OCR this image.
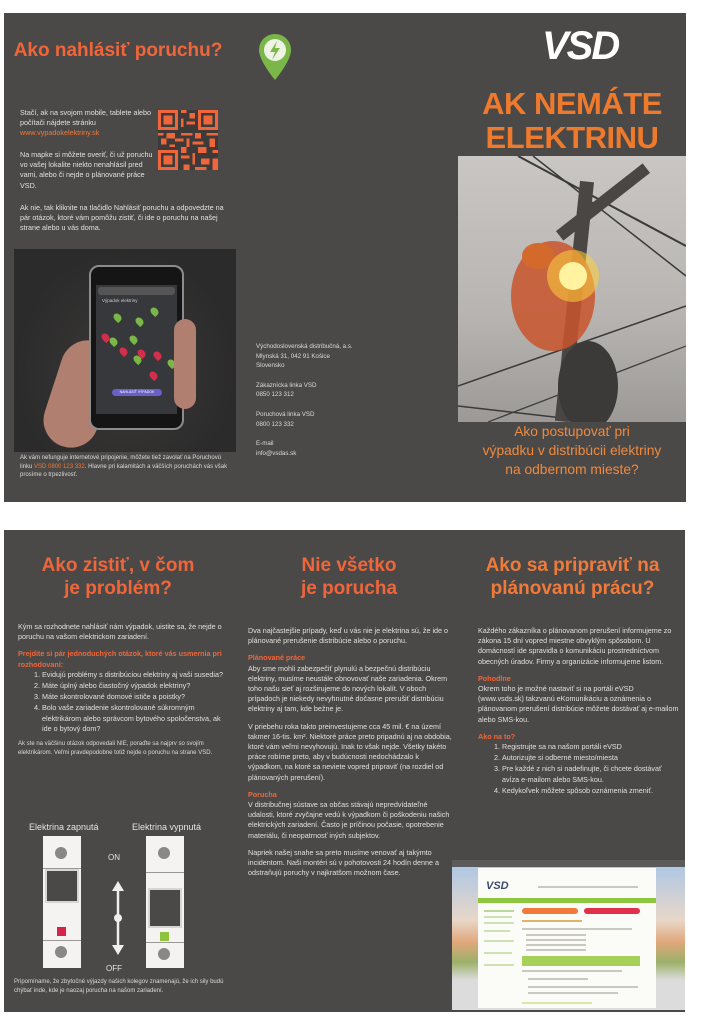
Ako nahlásiť poruchu?
Stačí, ak na svojom mobile, tablete alebo počítači nájdete stránku www.vypadokelektriny.sk
Na mapke si môžete overiť, či už poruchu vo vašej lokalite niekto nenahlásil pred vami, alebo či nejde o plánované práce VSD.
Ak nie, tak kliknite na tlačidlo Nahlásiť poruchu a odpovedzte na pár otázok, ktoré vám pomôžu zistiť, či ide o poruchu na našej strane alebo u vás doma.
Výpadok elektriny
NAHLÁSIŤ VÝPADOK
Ak vám nefunguje internetové pripojenie, môžete tiež zavolať na Poruchovú linku VSD 0800 123 332. Hlavne pri kalamitách a väčších poruchách vás však prosíme o trpezlivosť.
Východoslovenská distribučná, a.s.
Mlynská 31, 042 91 Košice
Slovensko
Zákaznícka linka VSD
0850 123 312
Poruchová linka VSD
0800 123 332
E-mail
info@vsdas.sk
VSD
AK NEMÁTE
ELEKTRINU
Ako postupovať pri
výpadku v distribúcii elektriny
na odbernom mieste?
Ako zistiť, v čom
je problém?

Kým sa rozhodnete nahlásiť nám výpadok, uistite sa, že nejde o poruchu na vašom elektrickom zariadení.

Prejdite si pár jednoduchých otázok, ktoré vás usmernia pri rozhodovaní:
1. Evidujú problémy s distribúciou elektriny aj vaši susedia?
2. Máte úplný alebo čiastočný výpadok elektriny?
3. Máte skontrolované domové ističe a poistky?
4. Bolo vaše zariadenie skontrolované súkromným elektrikárom alebo správcom bytového spoločenstva, ak ide o bytový dom?
Ak ste na väčšinu otázok odpovedali NIE, poraďte sa najprv so svojím elektrikárom. Veľmi pravdepodobne totiž nejde o poruchu na strane VSD.
Elektrina zapnutá	Elektrina vypnutá
ON
OFF
Pripomíname, že zbytočné výjazdy našich kolegov znamenajú, že ich sily budú chýbať inde, kde je naozaj porucha na našom zariadení.
Nie všetko
je porucha

Dva najčastejšie prípady, keď u vás nie je elektrina sú, že ide o plánované prerušenie distribúcie alebo o poruchu.

Plánované práce

Aby sme mohli zabezpečiť plynulú a bezpečnú distribúciu elektriny, musíme neustále obnovovať naše zariadenia. Okrem toho našu sieť aj rozširujeme do nových lokalít. V oboch prípadoch je niekedy nevyhnutné dočasne prerušiť distribúciu elektriny aj tam, kde bežne je.

V priebehu roka takto preinvestujeme cca 45 mil. € na území takmer 16-tis. km². Niektoré práce preto pripadnú aj na obdobia, ktoré vám veľmi nevyhovujú. Inak to však nejde. Všetky takéto práce robíme preto, aby v budúcnosti nedochádzalo k výpadkom, na ktoré sa neviete vopred pripraviť (na rozdiel od plánovaných prerušení).

Porucha

V distribučnej sústave sa občas stávajú nepredvídateľné udalosti, ktoré zvyčajne vedú k výpadkom či poškodeniu našich elektrických zariadení. Často je príčinou počasie, opotrebenie materiálu, či neopatrnosť iných subjektov.

Napriek našej snahe sa preto musíme venovať aj takýmto incidentom. Naši montéri sú v pohotovosti 24 hodín denne a odstraňujú poruchy v najkratšom možnom čase.

Ako sa pripraviť na
plánovanú prácu?

Každého zákazníka o plánovanom prerušení informujeme zo zákona 15 dní vopred miestne obvyklým spôsobom. U domácností ide spravidla o komunikáciu prostredníctvom obecných úradov. Firmy a organizácie informujeme listom.

Pohodlne

Okrem toho je možné nastaviť si na portáli eVSD (www.vsds.sk) takzvanú eKomunikáciu a oznámenia o plánovanom prerušení distribúcie môžete dostávať aj e-mailom alebo SMS-kou.

Ako na to?
1. Registrujte sa na našom portáli eVSD
2. Autorizujte si odberné miesto/miesta
3. Pre každé z nich si nadefinujte, či chcete dostávať avíza e-mailom alebo SMS-kou.
4. Kedykoľvek môžete spôsob oznámenia zmeniť.
VSD
